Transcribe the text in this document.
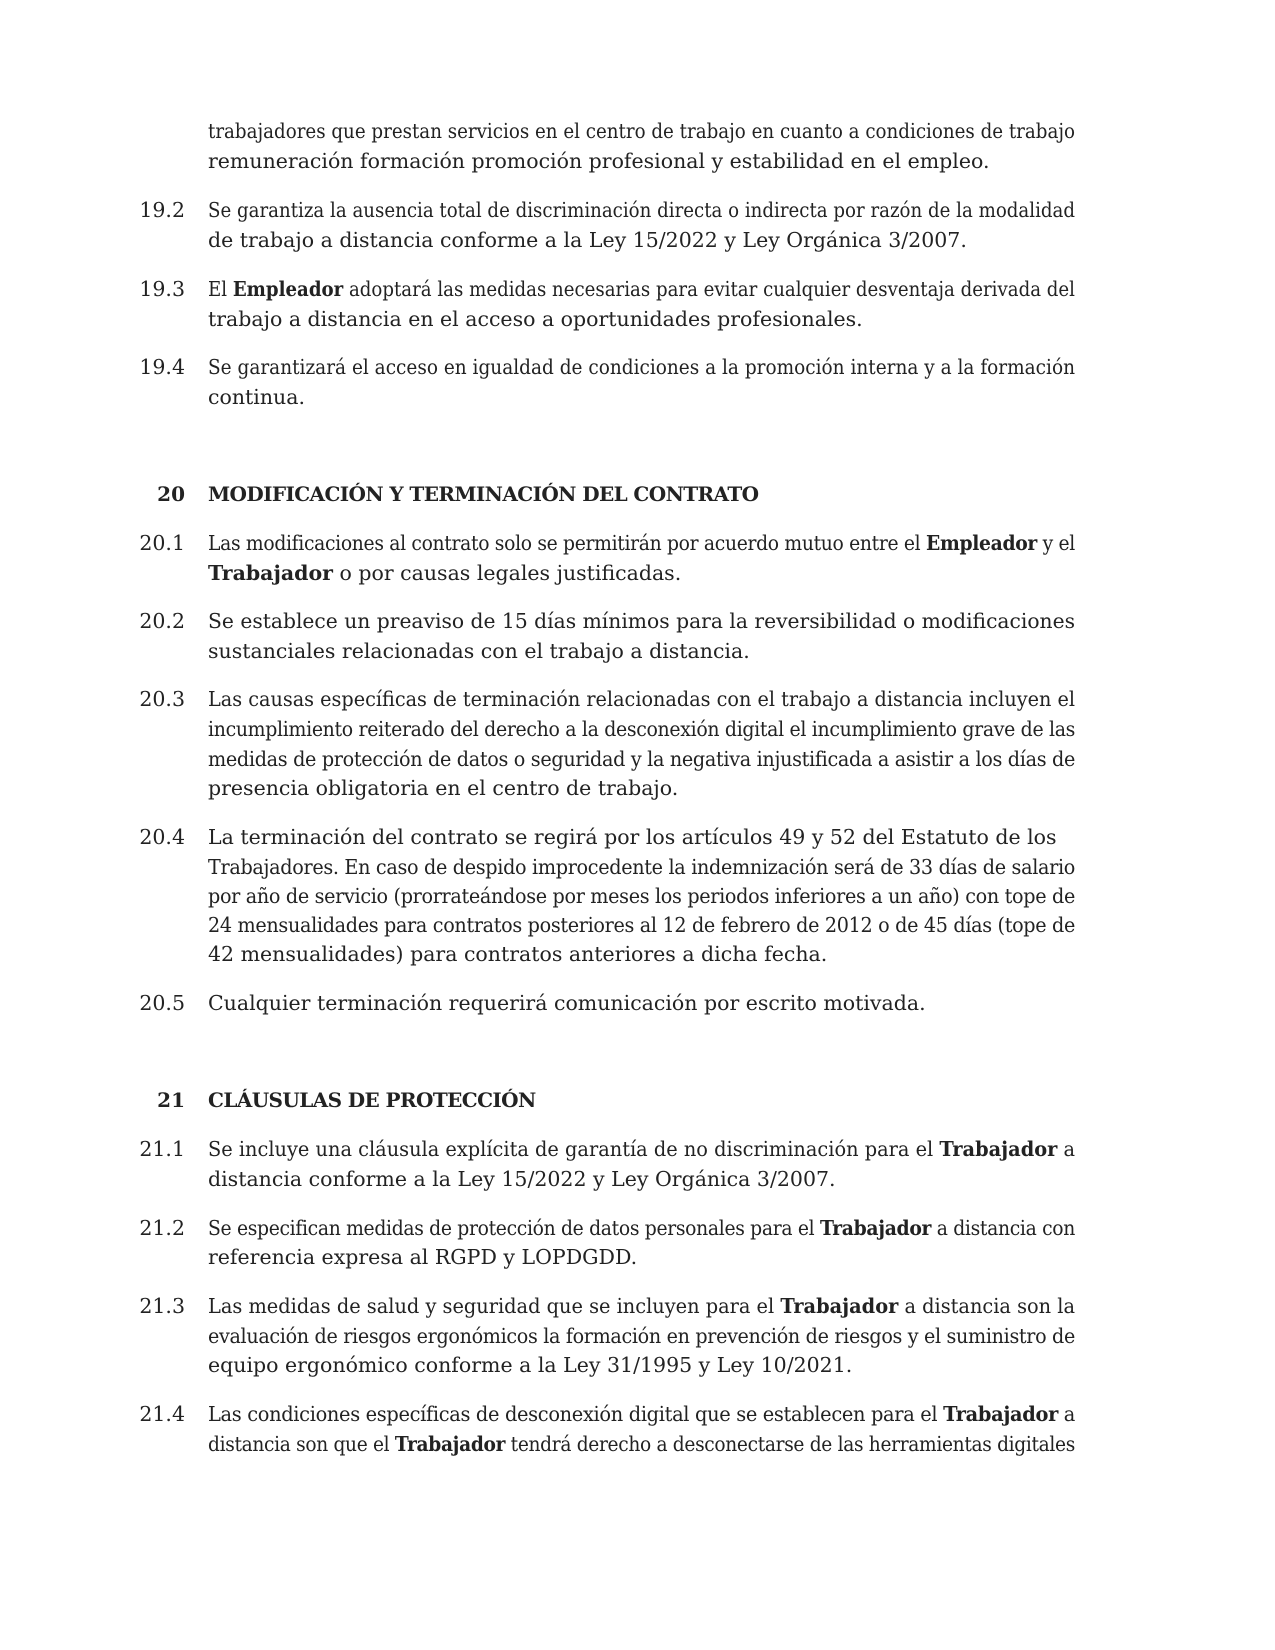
trabajadores que prestan servicios en el centro de trabajo en cuanto a condiciones de trabajo
remuneración formación promoción profesional y estabilidad en el empleo.
19.2 Se garantiza la ausencia total de discriminación directa o indirecta por razón de la modalidad
de trabajo a distancia conforme a la Ley 15/2022 y Ley Orgánica 3/2007.
19.3 El Empleador adoptará las medidas necesarias para evitar cualquier desventaja derivada del
trabajo a distancia en el acceso a oportunidades profesionales.
19.4 Se garantizará el acceso en igualdad de condiciones a la promoción interna y a la formación
continua.
20 MODIFICACIÓN Y TERMINACIÓN DEL CONTRATO
20.1 Las modificaciones al contrato solo se permitirán por acuerdo mutuo entre el Empleador y el
Trabajador o por causas legales justificadas.
20.2 Se establece un preaviso de 15 días mínimos para la reversibilidad o modificaciones
sustanciales relacionadas con el trabajo a distancia.
20.3 Las causas específicas de terminación relacionadas con el trabajo a distancia incluyen el
incumplimiento reiterado del derecho a la desconexión digital el incumplimiento grave de las
medidas de protección de datos o seguridad y la negativa injustificada a asistir a los días de
presencia obligatoria en el centro de trabajo.
20.4 La terminación del contrato se regirá por los artículos 49 y 52 del Estatuto de los
Trabajadores. En caso de despido improcedente la indemnización será de 33 días de salario
por año de servicio (prorrateándose por meses los periodos inferiores a un año) con tope de
24 mensualidades para contratos posteriores al 12 de febrero de 2012 o de 45 días (tope de
42 mensualidades) para contratos anteriores a dicha fecha.
20.5 Cualquier terminación requerirá comunicación por escrito motivada.
21 CLÁUSULAS DE PROTECCIÓN
21.1 Se incluye una cláusula explícita de garantía de no discriminación para el Trabajador a
distancia conforme a la Ley 15/2022 y Ley Orgánica 3/2007.
21.2 Se especifican medidas de protección de datos personales para el Trabajador a distancia con
referencia expresa al RGPD y LOPDGDD.
21.3 Las medidas de salud y seguridad que se incluyen para el Trabajador a distancia son la
evaluación de riesgos ergonómicos la formación en prevención de riesgos y el suministro de
equipo ergonómico conforme a la Ley 31/1995 y Ley 10/2021.
21.4 Las condiciones específicas de desconexión digital que se establecen para el Trabajador a
distancia son que el Trabajador tendrá derecho a desconectarse de las herramientas digitales
